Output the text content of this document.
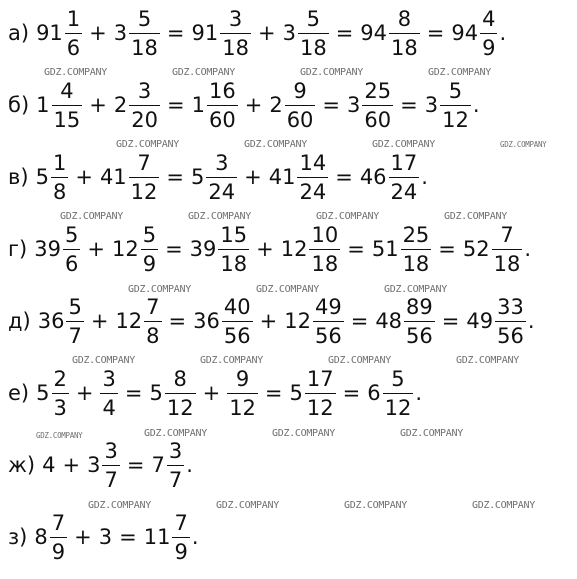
а) $91 \frac{1}{6} + 3 \frac{5}{18} = 91 \frac{3}{18} + 3 \frac{5}{18} = 94 \frac{8}{18} = 94 \frac{4}{9}$ .
б) $1 \frac{4}{15} + 2 \frac{3}{20} = 1 \frac{16}{60} + 2 \frac{9}{60} = 3 \frac{25}{60} = 3 \frac{5}{12}$ .
в) $5 \frac{1}{8} + 41 \frac{7}{12} = 5 \frac{3}{24} + 41 \frac{14}{24} = 46 \frac{17}{24}$ .
г) $39 \frac{5}{6} + 12 \frac{5}{9} = 39 \frac{15}{18} + 12 \frac{10}{18} = 51 \frac{25}{18} = 52 \frac{7}{18}$ .
д) $36 \frac{5}{7} + 12 \frac{7}{8} = 36 \frac{40}{56} + 12 \frac{49}{56} = 48 \frac{89}{56} = 49 \frac{33}{56}$ .
е) $5 \frac{2}{3} + \frac{3}{4} = 5 \frac{8}{12} + \frac{9}{12} = 5 \frac{17}{12} = 6 \frac{5}{12}$ .
ж) $4 + 3 \frac{3}{7} = 7 \frac{3}{7}$ .
з) $8 \frac{7}{9} + 3 = 11 \frac{7}{9}$ .
GDZ.COMPANY	GDZ.COMPANY	GDZ.COMPANY	GDZ.COMPANY
GDZ.COMPANY	GDZ.COMPANY	GDZ.COMPANY	GDZ.COMPANY
GDZ.COMPANY	GDZ.COMPANY	GDZ.COMPANY	GDZ.COMPANY
GDZ.COMPANY	GDZ.COMPANY	GDZ.COMPANY
GDZ.COMPANY	GDZ.COMPANY	GDZ.COMPANY	GDZ.COMPANY
GDZ.COMPANY	GDZ.COMPANY	GDZ.COMPANY	GDZ.COMPANY
GDZ.COMPANY	GDZ.COMPANY	GDZ.COMPANY	GDZ.COMPANY
